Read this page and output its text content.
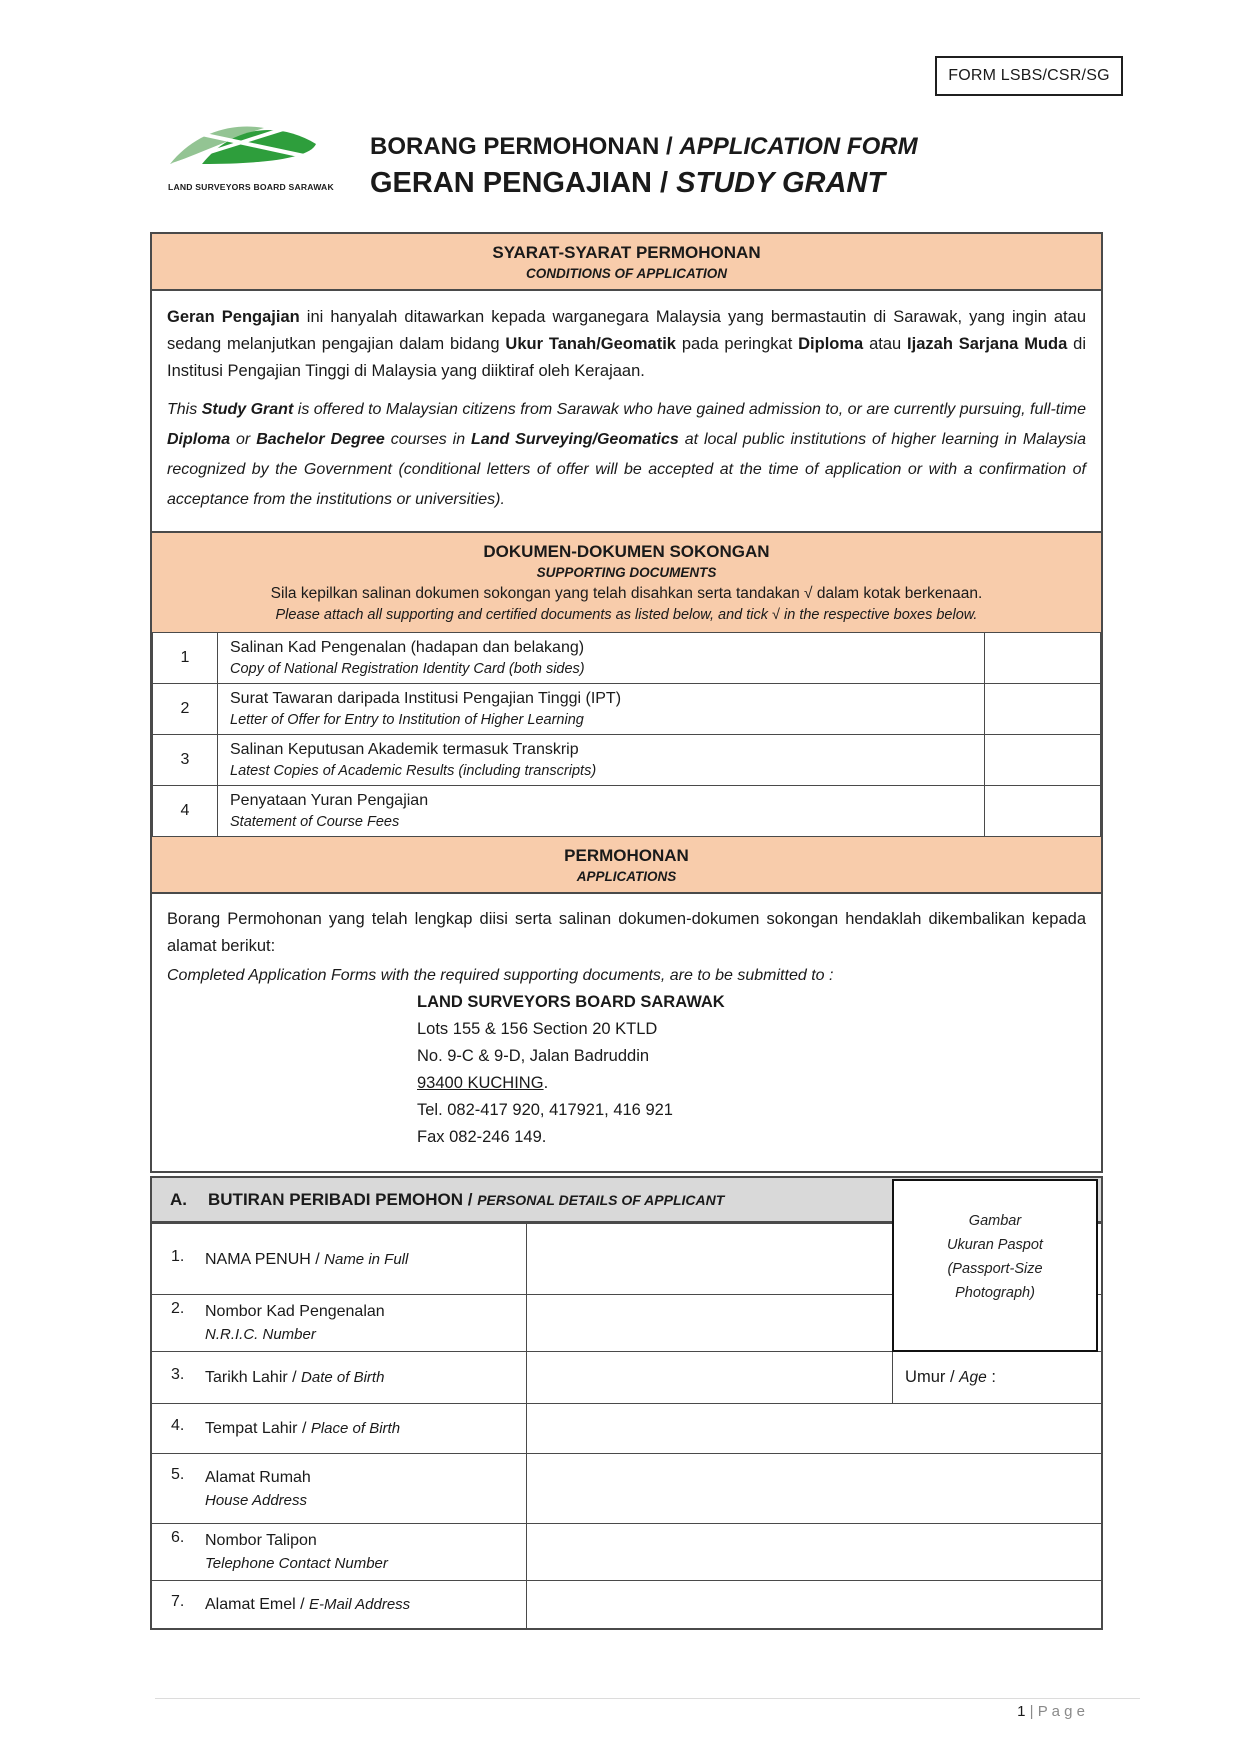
FORM LSBS/CSR/SG
LAND SURVEYORS BOARD SARAWAK
BORANG PERMOHONAN / APPLICATION FORM
GERAN PENGAJIAN / STUDY GRANT
SYARAT-SYARAT PERMOHONAN
CONDITIONS OF APPLICATION
Geran Pengajian ini hanyalah ditawarkan kepada warganegara Malaysia yang bermastautin di Sarawak, yang ingin atau sedang melanjutkan pengajian dalam bidang Ukur Tanah/Geomatik pada peringkat Diploma atau Ijazah Sarjana Muda di Institusi Pengajian Tinggi di Malaysia yang diiktiraf oleh Kerajaan.
This Study Grant is offered to Malaysian citizens from Sarawak who have gained admission to, or are currently pursuing, full-time Diploma or Bachelor Degree courses in Land Surveying/Geomatics at local public institutions of higher learning in Malaysia recognized by the Government (conditional letters of offer will be accepted at the time of application or with a confirmation of acceptance from the institutions or universities).
DOKUMEN-DOKUMEN SOKONGAN
SUPPORTING DOCUMENTS
Sila kepilkan salinan dokumen sokongan yang telah disahkan serta tandakan √ dalam kotak berkenaan.
Please attach all supporting and certified documents as listed below, and tick √ in the respective boxes below.
1	Salinan Kad Pengenalan (hadapan dan belakang)
Copy of National Registration Identity Card (both sides)	

2	Surat Tawaran daripada Institusi Pengajian Tinggi (IPT)
Letter of Offer for Entry to Institution of Higher Learning	

3	Salinan Keputusan Akademik termasuk Transkrip
Latest Copies of Academic Results (including transcripts)	

4	Penyataan Yuran Pengajian
Statement of Course Fees	

PERMOHONAN
APPLICATIONS
Borang Permohonan yang telah lengkap diisi serta salinan dokumen-dokumen sokongan hendaklah dikembalikan kepada alamat berikut:
Completed Application Forms with the required supporting documents, are to be submitted to :
LAND SURVEYORS BOARD SARAWAK
Lots 155 & 156 Section 20 KTLD
No. 9-C & 9-D, Jalan Badruddin
93400 KUCHING.
Tel. 082-417 920, 417921, 416 921
Fax 082-246 149.
A.	BUTIRAN PERIBADI PEMOHON / PERSONAL DETAILS OF APPLICANT
1. NAMA PENUH / Name in Full		

2. Nombor Kad Pengenalan
N.R.I.C. Number		

3. Tarikh Lahir / Date of Birth		Umur / Age :

4. Tempat Lahir / Place of Birth		

5. Alamat Rumah
House Address		

6. Nombor Talipon
Telephone Contact Number		

7. Alamat Emel / E-Mail Address		

Gambar
Ukuran Paspot
(Passport-Size
Photograph)
1 | P a g e
